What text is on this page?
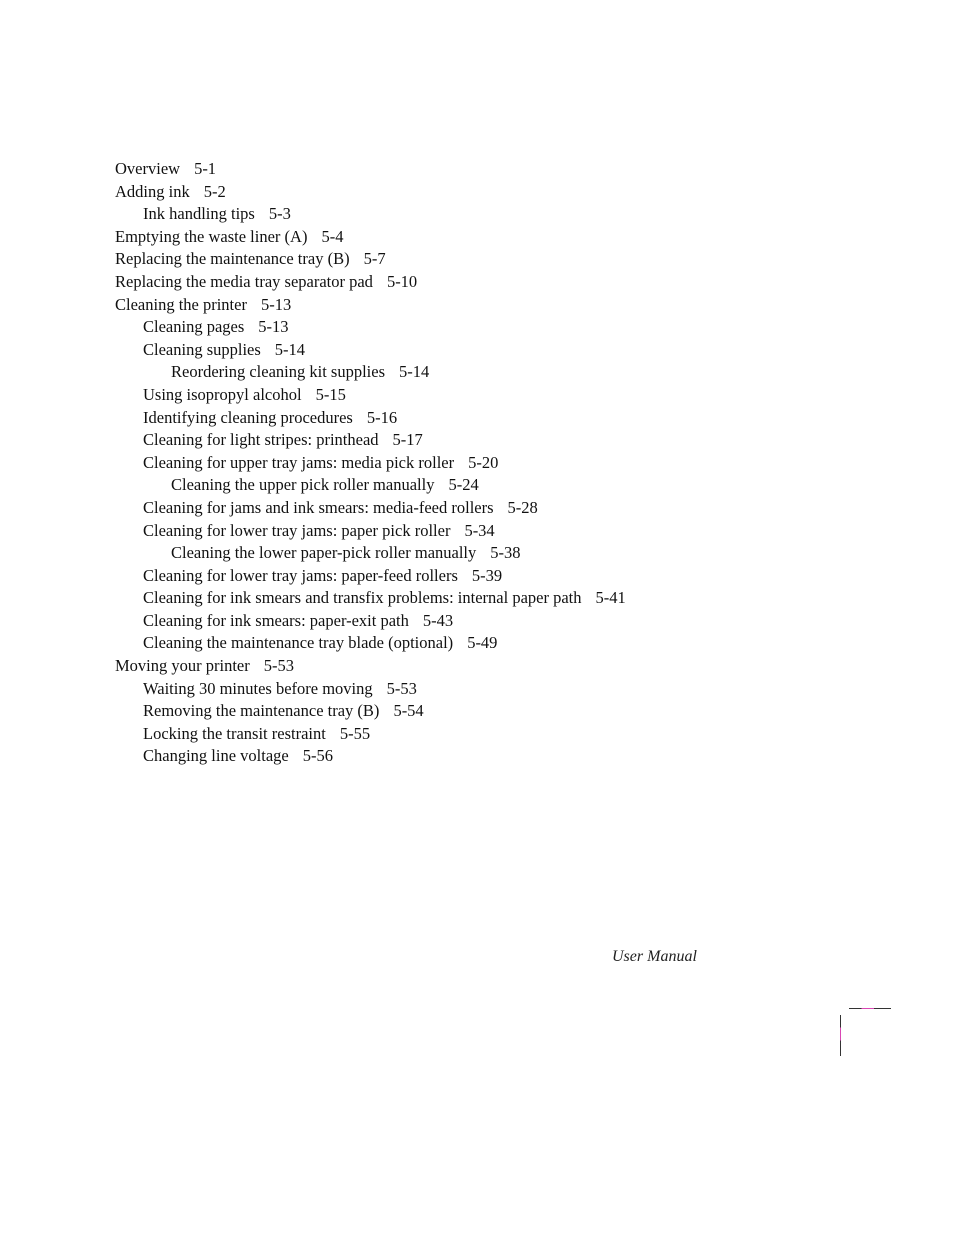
Overview 5-1
Adding ink 5-2
Ink handling tips 5-3
Emptying the waste liner (A) 5-4
Replacing the maintenance tray (B) 5-7
Replacing the media tray separator pad 5-10
Cleaning the printer 5-13
Cleaning pages 5-13
Cleaning supplies 5-14
Reordering cleaning kit supplies 5-14
Using isopropyl alcohol 5-15
Identifying cleaning procedures 5-16
Cleaning for light stripes: printhead 5-17
Cleaning for upper tray jams: media pick roller 5-20
Cleaning the upper pick roller manually 5-24
Cleaning for jams and ink smears: media-feed rollers 5-28
Cleaning for lower tray jams: paper pick roller 5-34
Cleaning the lower paper-pick roller manually 5-38
Cleaning for lower tray jams: paper-feed rollers 5-39
Cleaning for ink smears and transfix problems: internal paper path 5-41
Cleaning for ink smears: paper-exit path 5-43
Cleaning the maintenance tray blade (optional) 5-49
Moving your printer 5-53
Waiting 30 minutes before moving 5-53
Removing the maintenance tray (B) 5-54
Locking the transit restraint 5-55
Changing line voltage 5-56
User Manual
